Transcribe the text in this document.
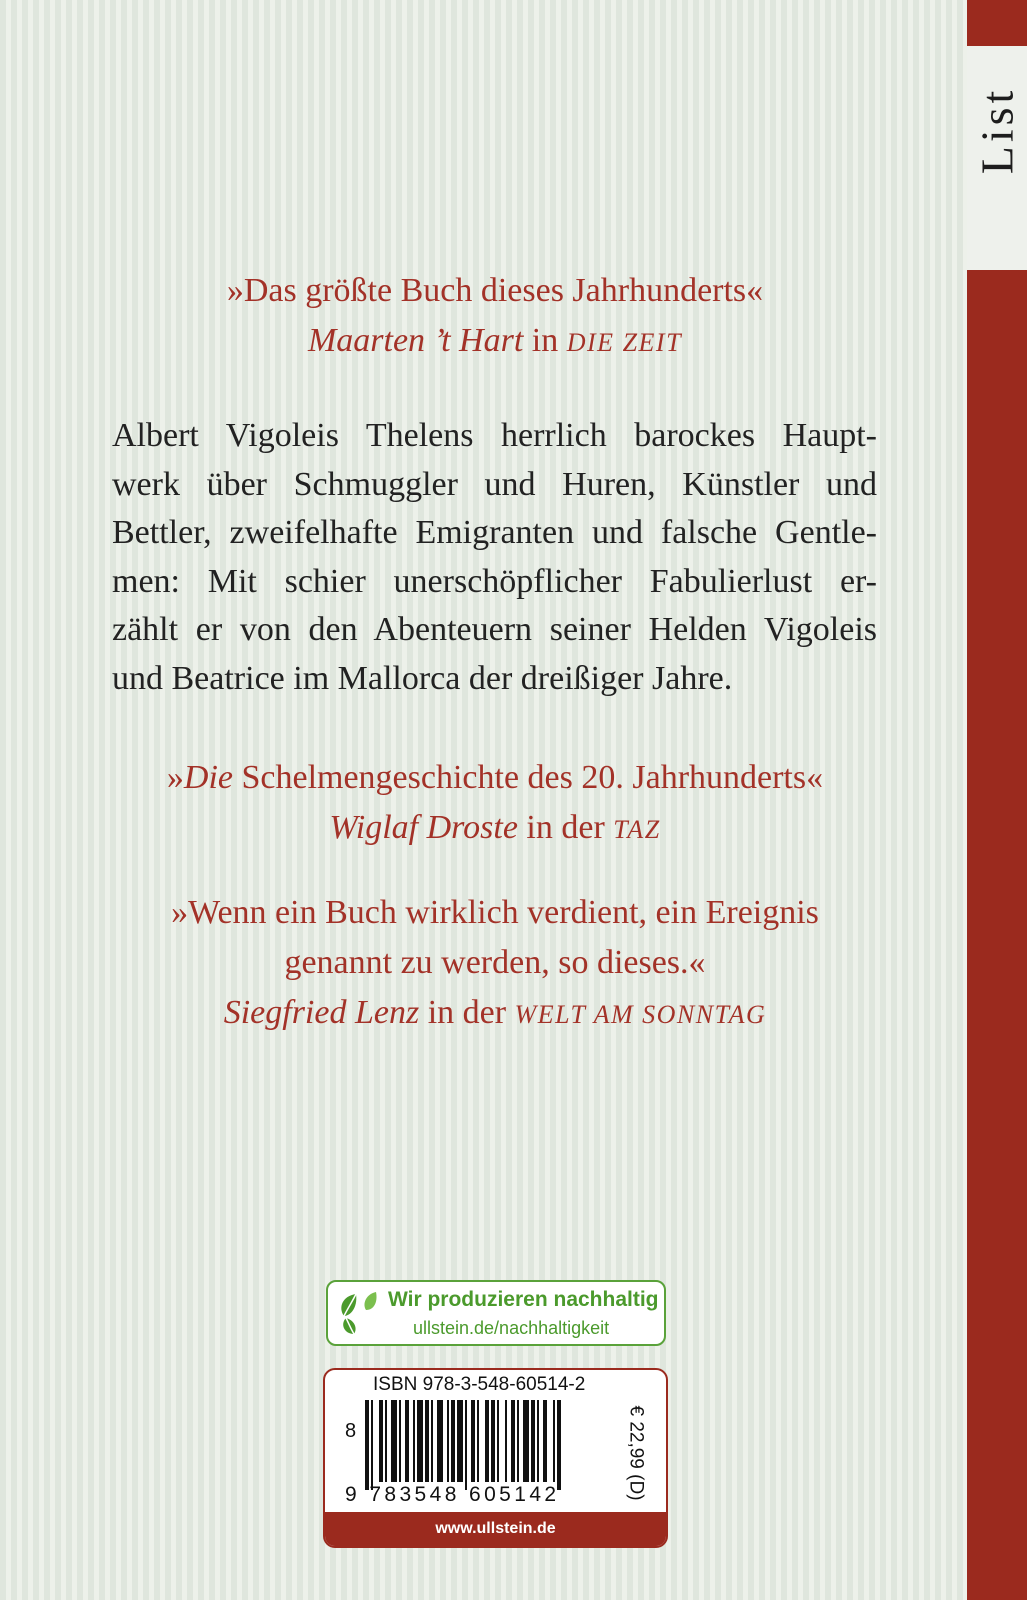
List
»Das größte Buch dieses Jahrhunderts«
Maarten ’t Hart in DIE ZEIT
Albert Vigoleis Thelens herrlich barockes Haupt-
werk über Schmuggler und Huren, Künstler und
Bettler, zweifelhafte Emigranten und falsche Gentle-
men: Mit schier unerschöpflicher Fabulierlust er-
zählt er von den Abenteuern seiner Helden Vigoleis
und Beatrice im Mallorca der dreißiger Jahre.
»Die Schelmengeschichte des 20. Jahrhunderts«
Wiglaf Droste in der TAZ
»Wenn ein Buch wirklich verdient, ein Ereignis
genannt zu werden, so dieses.«
Siegfried Lenz in der WELT AM SONNTAG
Wir produzieren nachhaltig
ullstein.de/nachhaltigkeit
ISBN 978-3-548-60514-2
8
9 783548 605142	€ 22,99 (D)
www.ullstein.de
